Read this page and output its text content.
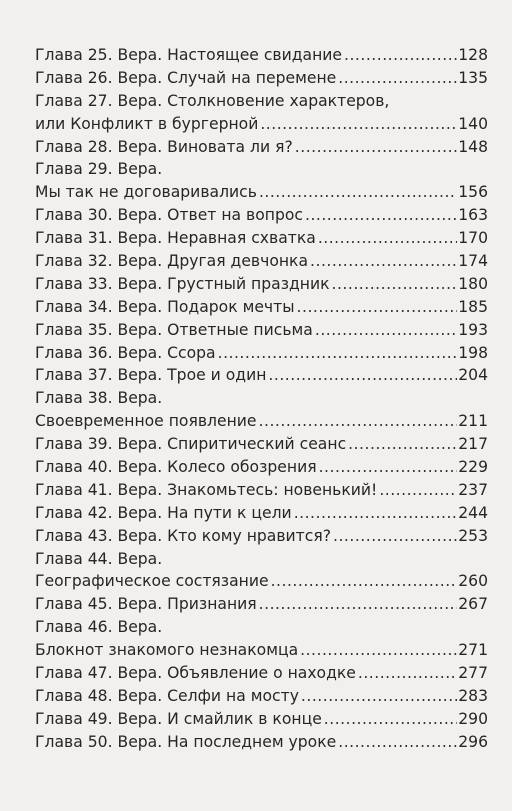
Глава 25. Вера. Настоящее свидание .....	128
Глава 26. Вера. Случай на перемене .....	135
Глава 27. Вера. Столкновение характеров,
или Конфликт в бургерной .....	140
Глава 28. Вера. Виновата ли я? .....	148
Глава 29. Вера.
Мы так не договаривались .....	156
Глава 30. Вера. Ответ на вопрос .....	163
Глава 31. Вера. Неравная схватка .....	170
Глава 32. Вера. Другая девчонка .....	174
Глава 33. Вера. Грустный праздник .....	180
Глава 34. Вера. Подарок мечты .....	185
Глава 35. Вера. Ответные письма .....	193
Глава 36. Вера. Ссора .....	198
Глава 37. Вера. Трое и один .....	204
Глава 38. Вера.
Своевременное появление .....	211
Глава 39. Вера. Спиритический сеанс .....	217
Глава 40. Вера. Колесо обозрения .....	229
Глава 41. Вера. Знакомьтесь: новенький! .....	237
Глава 42. Вера. На пути к цели .....	244
Глава 43. Вера. Кто кому нравится? .....	253
Глава 44. Вера.
Географическое состязание .....	260
Глава 45. Вера. Признания .....	267
Глава 46. Вера.
Блокнот знакомого незнакомца .....	271
Глава 47. Вера. Объявление о находке .....	277
Глава 48. Вера. Селфи на мосту .....	283
Глава 49. Вера. И смайлик в конце .....	290
Глава 50. Вера. На последнем уроке .....	296
